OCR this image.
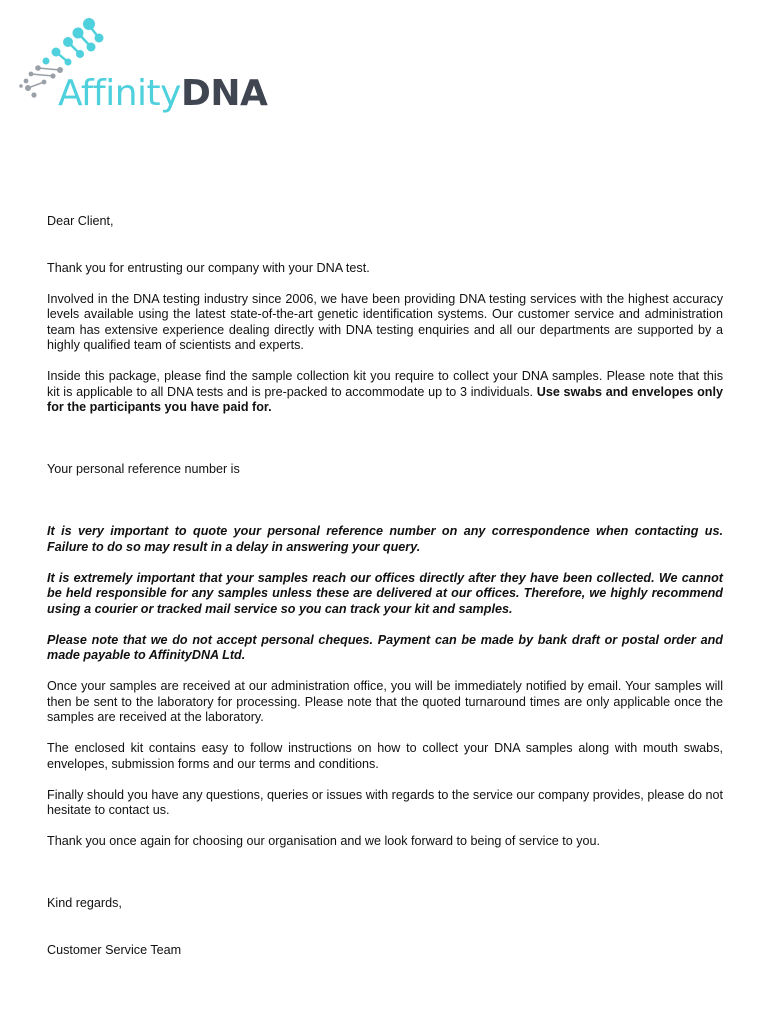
AffinityDNA

Dear Client,

Thank you for entrusting our company with your DNA test.

Involved in the DNA testing industry since 2006, we have been providing DNA testing services with the highest accuracy levels available using the latest state-of-the-art genetic identification systems. Our customer service and administration team has extensive experience dealing directly with DNA testing enquiries and all our departments are supported by a highly qualified team of scientists and experts.

Inside this package, please find the sample collection kit you require to collect your DNA samples. Please note that this kit is applicable to all DNA tests and is pre-packed to accommodate up to 3 individuals. Use swabs and envelopes only for the participants you have paid for.

Your personal reference number is

It is very important to quote your personal reference number on any correspondence when contacting us. Failure to do so may result in a delay in answering your query.

It is extremely important that your samples reach our offices directly after they have been collected. We cannot be held responsible for any samples unless these are delivered at our offices. Therefore, we highly recommend using a courier or tracked mail service so you can track your kit and samples.

Please note that we do not accept personal cheques. Payment can be made by bank draft or postal order and made payable to AffinityDNA Ltd.

Once your samples are received at our administration office, you will be immediately notified by email. Your samples will then be sent to the laboratory for processing. Please note that the quoted turnaround times are only applicable once the samples are received at the laboratory.

The enclosed kit contains easy to follow instructions on how to collect your DNA samples along with mouth swabs, envelopes, submission forms and our terms and conditions.

Finally should you have any questions, queries or issues with regards to the service our company provides, please do not hesitate to contact us.

Thank you once again for choosing our organisation and we look forward to being of service to you.

Kind regards,

Customer Service Team
